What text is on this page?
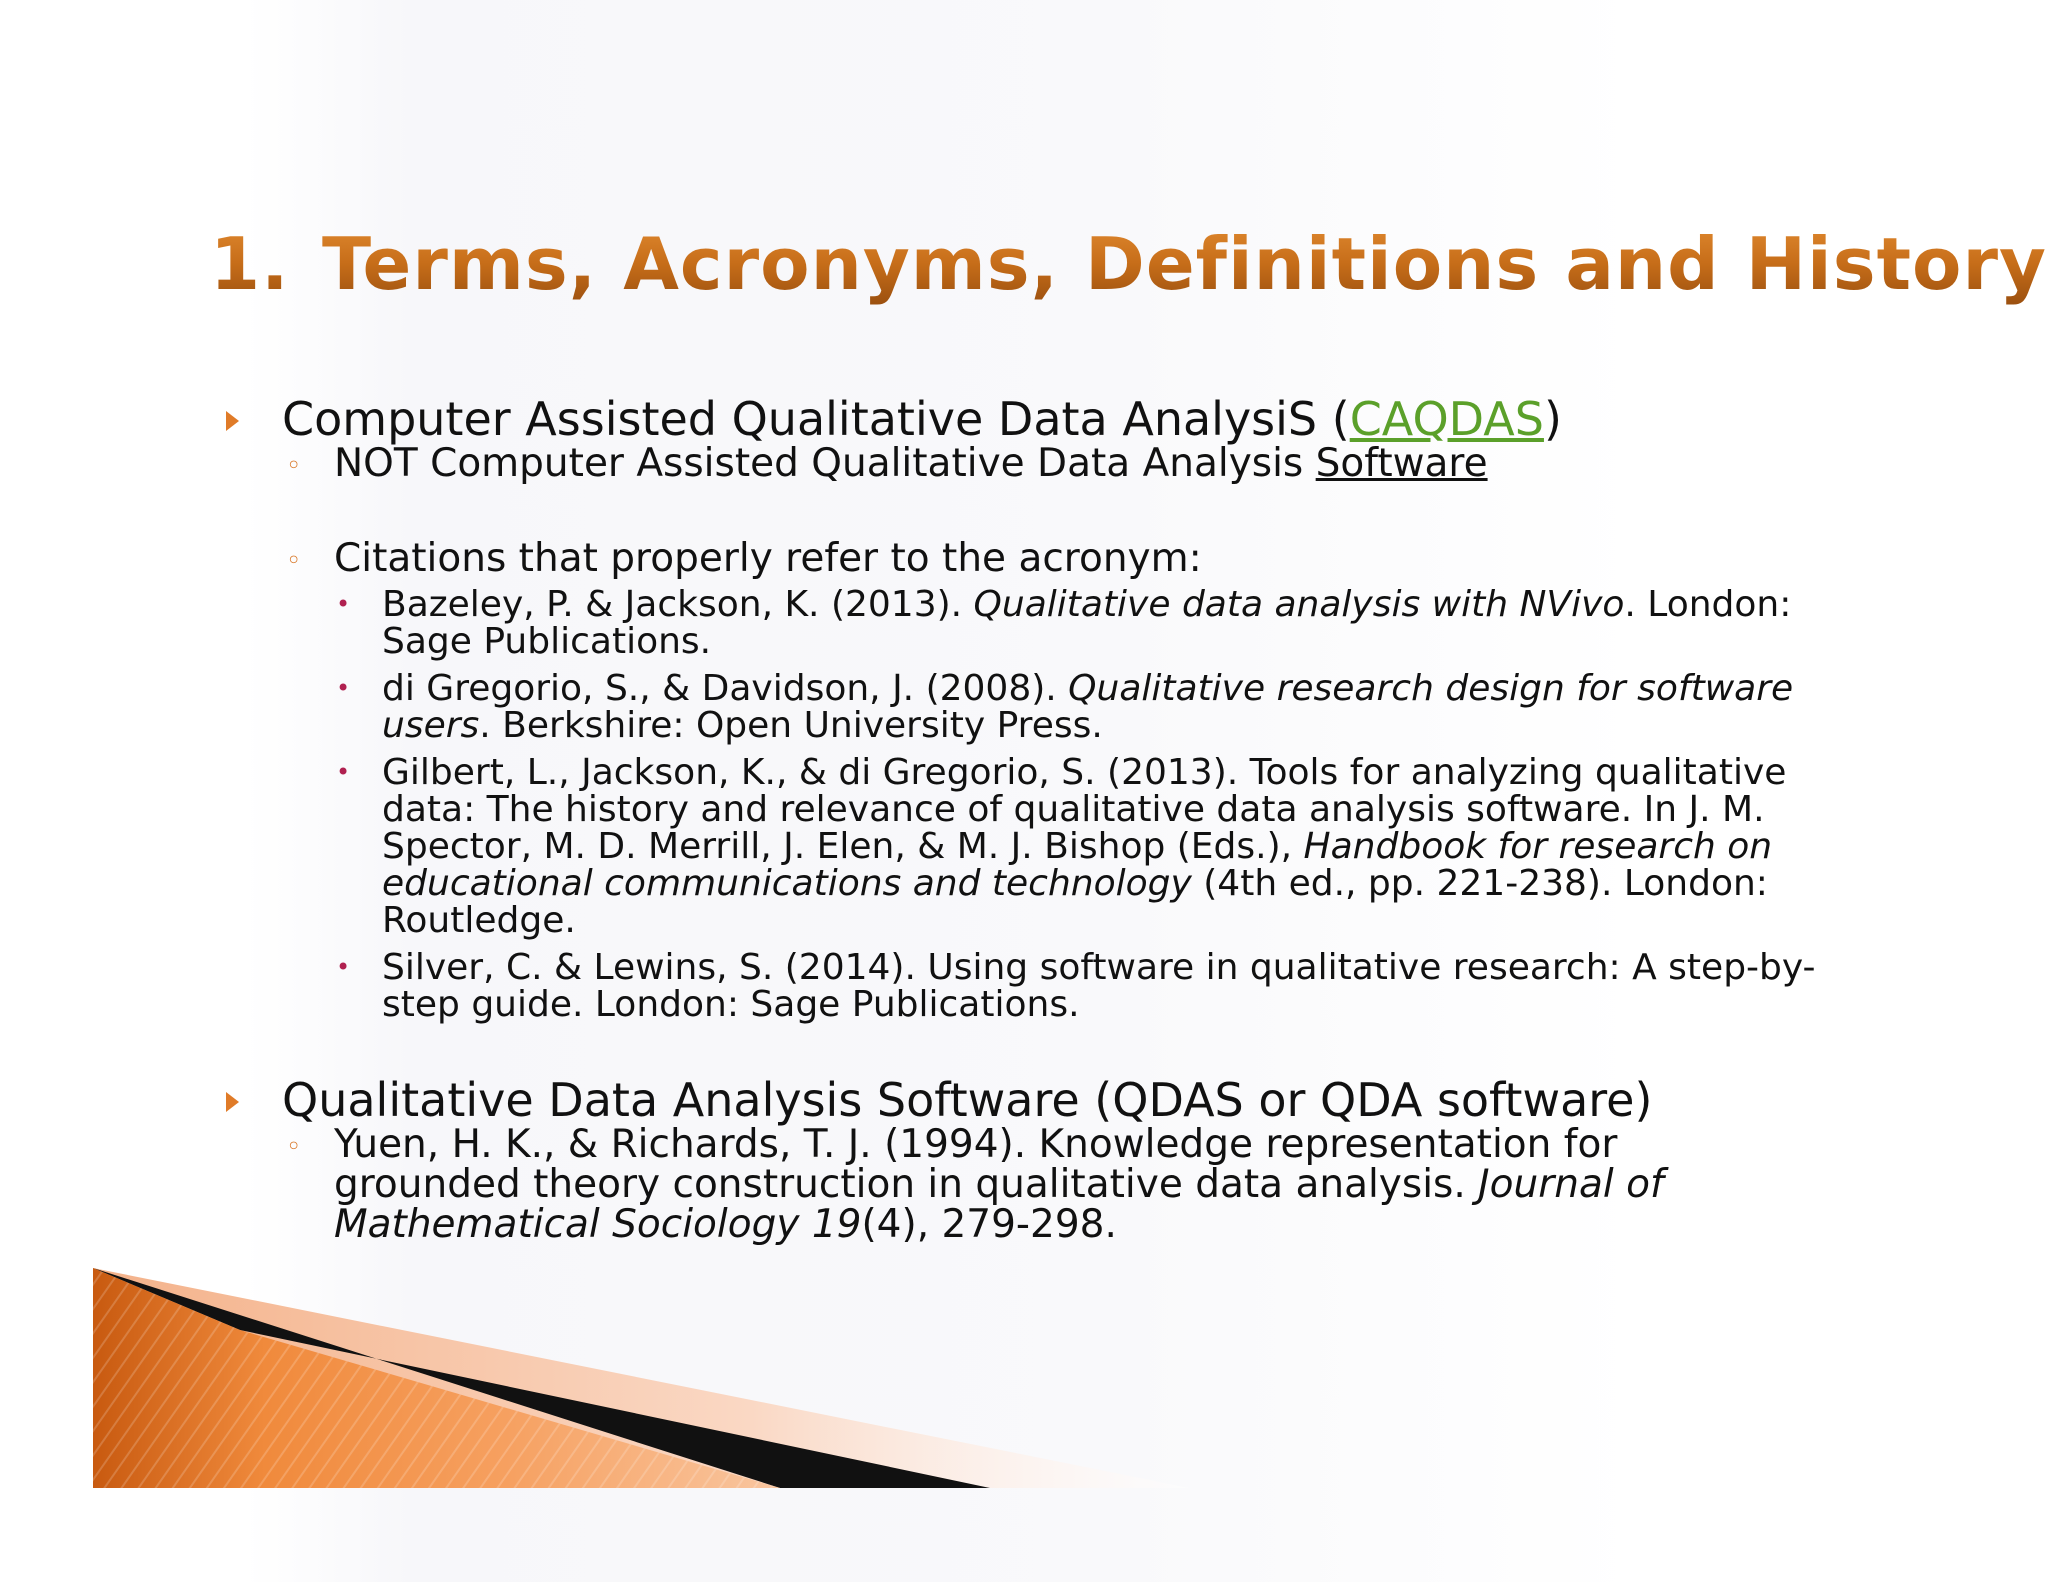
1. Terms, Acronyms, Definitions and History
Computer Assisted Qualitative Data AnalysiS (CAQDAS)
◦ NOT Computer Assisted Qualitative Data Analysis Software
◦ Citations that properly refer to the acronym:
• Bazeley, P. & Jackson, K. (2013). Qualitative data analysis with NVivo. London: Sage Publications.
• di Gregorio, S., & Davidson, J. (2008). Qualitative research design for software users. Berkshire: Open University Press.
• Gilbert, L., Jackson, K., & di Gregorio, S. (2013). Tools for analyzing qualitative data: The history and relevance of qualitative data analysis software. In J. M. Spector, M. D. Merrill, J. Elen, & M. J. Bishop (Eds.), Handbook for research on educational communications and technology (4th ed., pp. 221-238). London: Routledge.
• Silver, C. & Lewins, S. (2014). Using software in qualitative research: A step-by-step guide. London: Sage Publications.
Qualitative Data Analysis Software (QDAS or QDA software)
◦ Yuen, H. K., & Richards, T. J. (1994). Knowledge representation for grounded theory construction in qualitative data analysis. Journal of Mathematical Sociology 19(4), 279-298.
